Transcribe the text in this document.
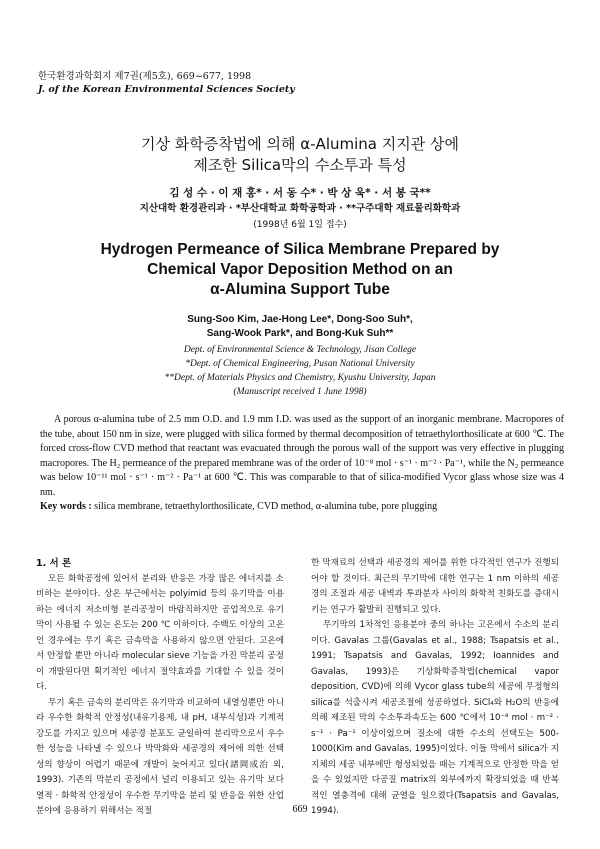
한국환경과학회지 제7권(제5호), 669~677, 1998
J. of the Korean Environmental Sciences Society
기상 화학증착법에 의해 α-Alumina 지지관 상에
제조한 Silica막의 수소투과 특성
김 성 수 · 이 재 홍* · 서 동 수* · 박 상 욱* · 서 봉 국**
지산대학 환경관리과 · *부산대학교 화학공학과 · **구주대학 재료물리화학과
(1998년 6월 1일 접수)
Hydrogen Permeance of Silica Membrane Prepared by
Chemical Vapor Deposition Method on an
α-Alumina Support Tube
Sung-Soo Kim, Jae-Hong Lee*, Dong-Soo Suh*,
Sang-Wook Park*, and Bong-Kuk Suh**
Dept. of Environmental Science & Technology, Jisan College
*Dept. of Chemical Engineering, Pusan National University
**Dept. of Materials Physics and Chemistry, Kyushu University, Japan
(Manuscript received 1 June 1998)

A porous α-alumina tube of 2.5 mm O.D. and 1.9 mm I.D. was used as the support of an inorganic membrane. Macropores of the tube, about 150 nm in size, were plugged with silica formed by thermal decomposition of tetraethylorthosilicate at 600 ℃. The forced cross-flow CVD method that reactant was evacuated through the porous wall of the support was very effective in plugging macropores. The H₂ permeance of the prepared membrane was of the order of 10⁻⁸ mol · s⁻¹ · m⁻² · Pa⁻¹, while the N₂ permeance was below 10⁻¹¹ mol · s⁻¹ · m⁻² · Pa⁻¹ at 600 ℃. This was comparable to that of silica-modified Vycor glass whose size was 4 nm.

Key words : silica membrane, tetraethylorthosilicate, CVD method, α-alumina tube, pore plugging

1. 서 론

모든 화학공정에 있어서 분리와 반응은 가장 많은 에너지를 소비하는 분야이다. 상온 부근에서는 polyimid 등의 유기막을 이용하는 에너지 저소비형 분리공정이 바람직하지만 공업적으로 유기막이 사용될 수 있는 온도는 200 ℃ 이하이다. 수백도 이상의 고온인 경우에는 무기 혹은 금속막을 사용하지 않으면 안된다. 고온에서 안정할 뿐만 아니라 molecular sieve 기능을 가진 막분리 공정이 개발된다면 획기적인 에너지 절약효과를 기대할 수 있을 것이다.

무기 혹은 금속의 분리막은 유기막과 비교하여 내열성뿐만 아니라 우수한 화학적 안정성(내유기용제, 내 pH, 내부식성)과 기계적 강도를 가지고 있으며 세공경 분포도 균일하여 분리막으로서 우수한 성능을 나타낼 수 있으나 박막화와 세공경의 제어에 의한 선택성의 향상이 어렵기 때문에 개발이 늦어지고 있다(諸岡成治 외, 1993). 기존의 막분리 공정에서 널리 이용되고 있는 유기막 보다 열적 · 화학적 안정성이 우수한 무기막을 분리 및 반응을 위한 산업 분야에 응용하기 위해서는 적절

한 막재료의 선택과 세공경의 제어를 위한 다각적인 연구가 진행되어야 할 것이다. 최근의 무기막에 대한 연구는 1 nm 이하의 세공경의 조절과 세공 내벽과 투과분자 사이의 화학적 친화도를 증대시키는 연구가 활발히 진행되고 있다.

무기막의 1차적인 응용분야 중의 하나는 고온에서 수소의 분리이다. Gavalas 그룹(Gavalas et al., 1988; Tsapatsis et al., 1991; Tsapatsis and Gavalas, 1992; Ioannides and Gavalas, 1993)은 기상화학증착법(chemical vapor deposition, CVD)에 의해 Vycor glass tube의 세공에 무정형의 silica를 석출시켜 세공조절에 성공하였다. SiCl₄와 H₂O의 반응에 의해 제조된 막의 수소투과속도는 600 ℃에서 10⁻⁸ mol · m⁻² · s⁻¹ · Pa⁻¹ 이상이었으며 질소에 대한 수소의 선택도는 500-1000(Kim and Gavalas, 1995)이었다. 이들 막에서 silica가 지지체의 세공 내부에만 형성되었을 때는 기계적으로 안정한 막을 얻을 수 있었지만 다공질 matrix의 외부에까지 확장되었을 때 반복적인 열충격에 대해 균열을 일으켰다(Tsapatsis and Gavalas, 1994).

669
